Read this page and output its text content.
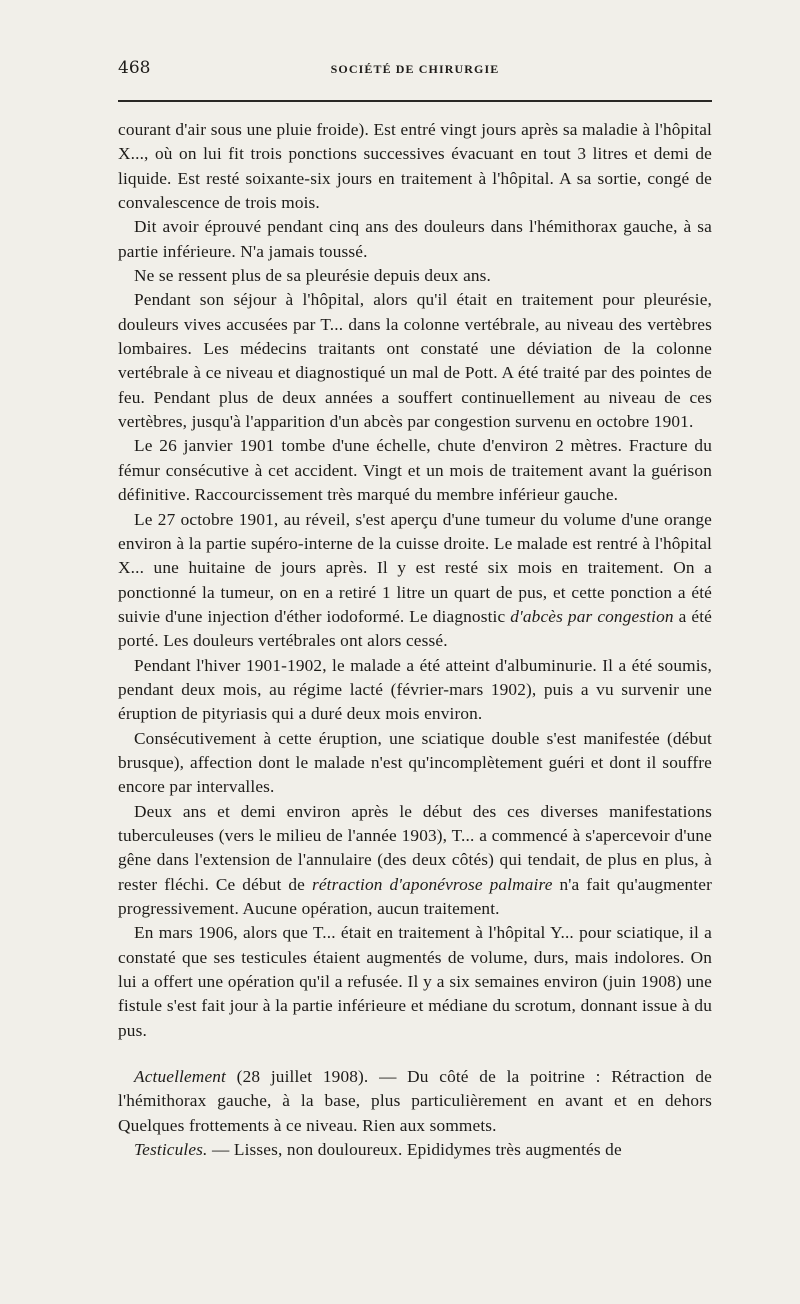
468	SOCIÉTÉ DE CHIRURGIE

courant d'air sous une pluie froide). Est entré vingt jours après sa maladie à l'hôpital X..., où on lui fit trois ponctions successives évacuant en tout 3 litres et demi de liquide. Est resté soixante-six jours en traitement à l'hôpital. A sa sortie, congé de convalescence de trois mois.

Dit avoir éprouvé pendant cinq ans des douleurs dans l'hémithorax gauche, à sa partie inférieure. N'a jamais toussé.

Ne se ressent plus de sa pleurésie depuis deux ans.

Pendant son séjour à l'hôpital, alors qu'il était en traitement pour pleurésie, douleurs vives accusées par T... dans la colonne vertébrale, au niveau des vertèbres lombaires. Les médecins traitants ont constaté une déviation de la colonne vertébrale à ce niveau et diagnostiqué un mal de Pott. A été traité par des pointes de feu. Pendant plus de deux années a souffert continuellement au niveau de ces vertèbres, jusqu'à l'apparition d'un abcès par congestion survenu en octobre 1901.

Le 26 janvier 1901 tombe d'une échelle, chute d'environ 2 mètres. Fracture du fémur consécutive à cet accident. Vingt et un mois de traitement avant la guérison définitive. Raccourcissement très marqué du membre inférieur gauche.

Le 27 octobre 1901, au réveil, s'est aperçu d'une tumeur du volume d'une orange environ à la partie supéro-interne de la cuisse droite. Le malade est rentré à l'hôpital X... une huitaine de jours après. Il y est resté six mois en traitement. On a ponctionné la tumeur, on en a retiré 1 litre un quart de pus, et cette ponction a été suivie d'une injection d'éther iodoformé. Le diagnostic d'abcès par congestion a été porté. Les douleurs vertébrales ont alors cessé.

Pendant l'hiver 1901-1902, le malade a été atteint d'albuminurie. Il a été soumis, pendant deux mois, au régime lacté (février-mars 1902), puis a vu survenir une éruption de pityriasis qui a duré deux mois environ.

Consécutivement à cette éruption, une sciatique double s'est manifestée (début brusque), affection dont le malade n'est qu'incomplètement guéri et dont il souffre encore par intervalles.

Deux ans et demi environ après le début des ces diverses manifestations tuberculeuses (vers le milieu de l'année 1903), T... a commencé à s'apercevoir d'une gêne dans l'extension de l'annulaire (des deux côtés) qui tendait, de plus en plus, à rester fléchi. Ce début de rétraction d'aponévrose palmaire n'a fait qu'augmenter progressivement. Aucune opération, aucun traitement.

En mars 1906, alors que T... était en traitement à l'hôpital Y... pour sciatique, il a constaté que ses testicules étaient augmentés de volume, durs, mais indolores. On lui a offert une opération qu'il a refusée. Il y a six semaines environ (juin 1908) une fistule s'est fait jour à la partie inférieure et médiane du scrotum, donnant issue à du pus.

Actuellement (28 juillet 1908). — Du côté de la poitrine : Rétraction de l'hémithorax gauche, à la base, plus particulièrement en avant et en dehors Quelques frottements à ce niveau. Rien aux sommets.

Testicules. — Lisses, non douloureux. Epididymes très augmentés de
